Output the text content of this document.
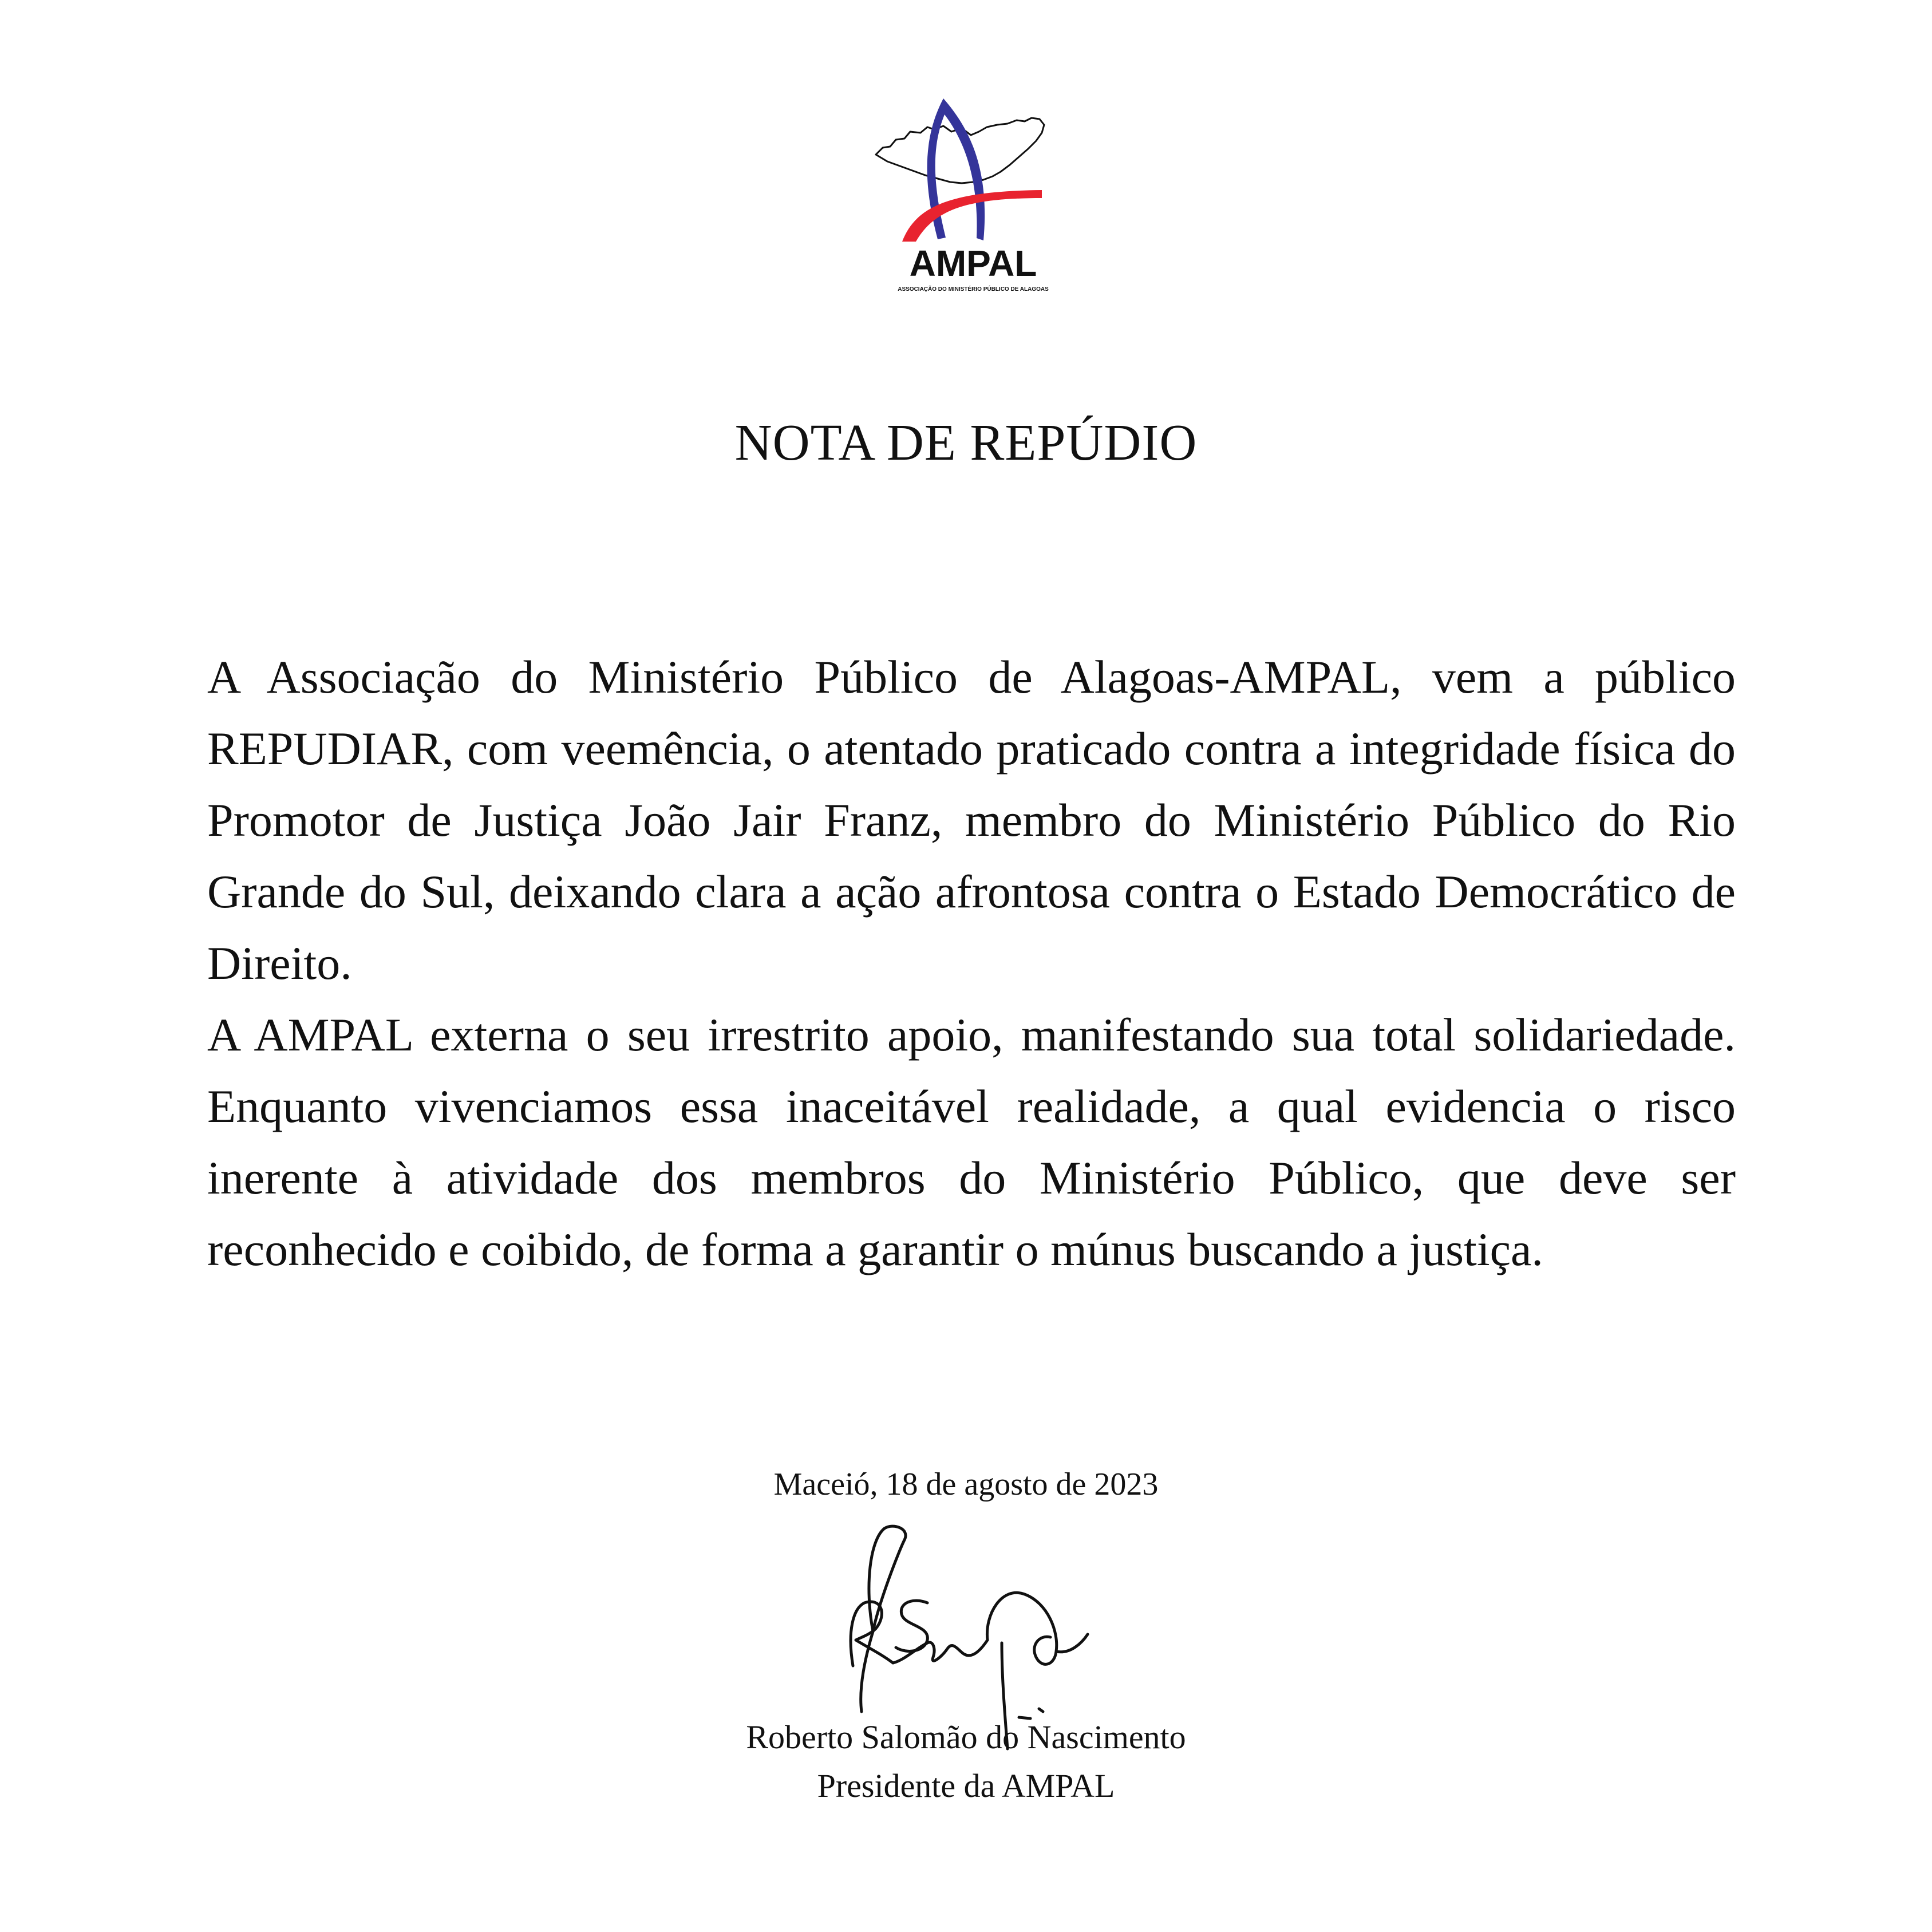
AMPAL
ASSOCIAÇÃO DO MINISTÉRIO PÚBLICO DE ALAGOAS
NOTA DE REPÚDIO

A Associação do Ministério Público de Alagoas-AMPAL, vem a público REPUDIAR, com veemência, o atentado praticado contra a integridade física do Promotor de Justiça João Jair Franz, membro do Ministério Público do Rio Grande do Sul, deixando clara a ação afrontosa contra o Estado Democrático de Direito.

A AMPAL externa o seu irrestrito apoio, manifestando sua total solidariedade. Enquanto vivenciamos essa inaceitável realidade, a qual evidencia o risco inerente à atividade dos membros do Ministério Público, que deve ser reconhecido e coibido, de forma a garantir o múnus buscando a justiça.

Maceió, 18 de agosto de 2023
Roberto Salomão do Nascimento
Presidente da AMPAL
